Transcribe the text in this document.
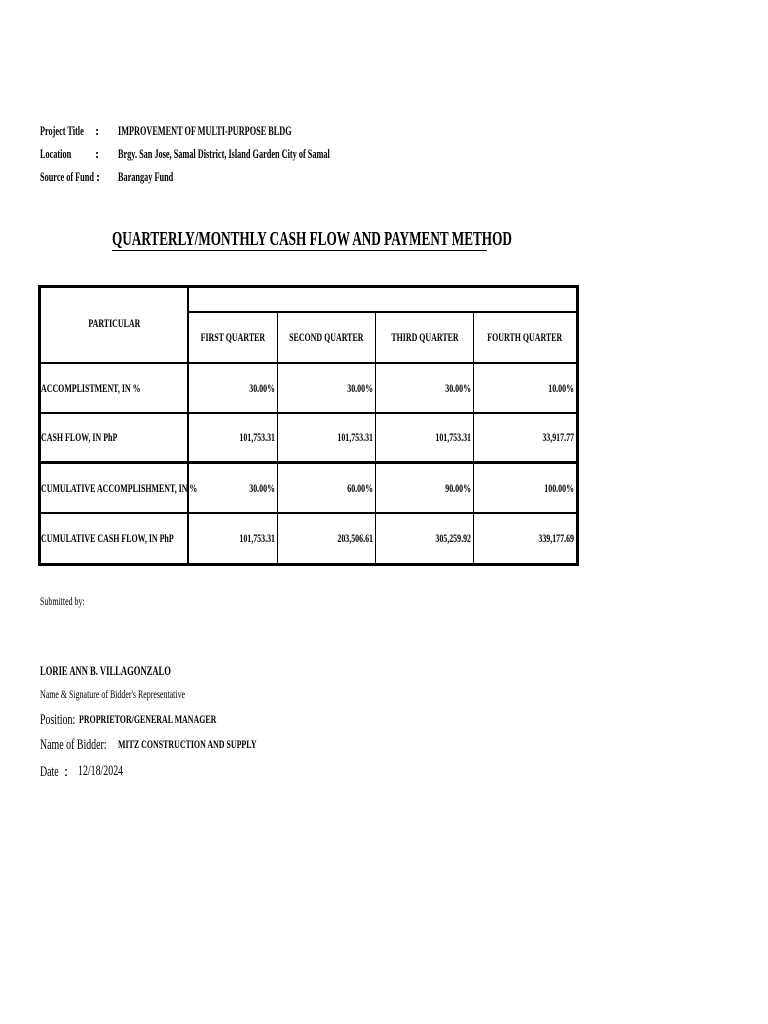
Project Title : IMPROVEMENT OF MULTI-PURPOSE BLDG
Location : Brgy. San Jose, Samal District, Island Garden City of Samal
Source of Fund : Barangay Fund
QUARTERLY/MONTHLY CASH FLOW AND PAYMENT METHOD
PARTICULAR
FIRST QUARTER SECOND QUARTER THIRD QUARTER FOURTH QUARTER
ACCOMPLISTMENT, IN %	30.00%	30.00%	30.00%	10.00%
CASH FLOW, IN PhP	101,753.31	101,753.31	101,753.31	33,917.77
CUMULATIVE ACCOMPLISHMENT, IN %	30.00%	60.00%	90.00%	100.00%
CUMULATIVE CASH FLOW, IN PhP	101,753.31	203,506.61	305,259.92	339,177.69
Submitted by:
LORIE ANN B. VILLAGONZALO
Name & Signature of Bidder's Representative
Position: PROPRIETOR/GENERAL MANAGER
Name of Bidder: MITZ CONSTRUCTION AND SUPPLY
Date : 12/18/2024
